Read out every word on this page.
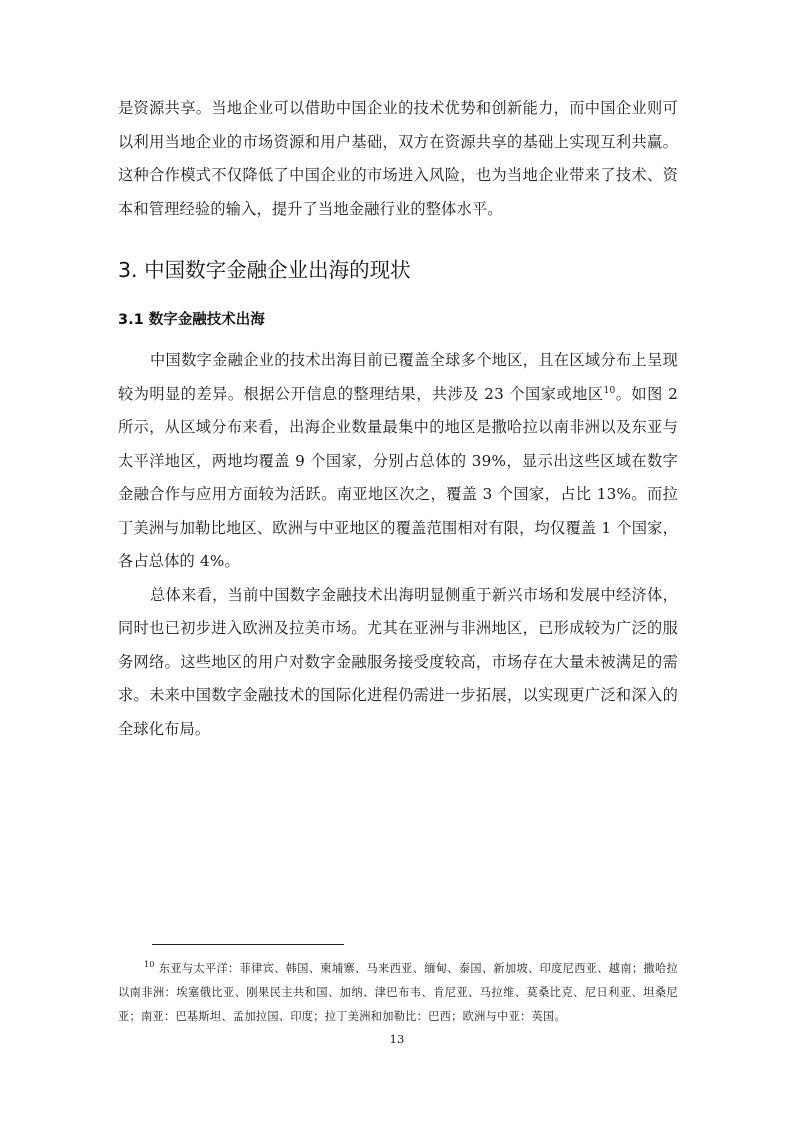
是资源共享。当地企业可以借助中国企业的技术优势和创新能力，而中国企业则可以利用当地企业的市场资源和用户基础，双方在资源共享的基础上实现互利共赢。这种合作模式不仅降低了中国企业的市场进入风险，也为当地企业带来了技术、资本和管理经验的输入，提升了当地金融行业的整体水平。

3. 中国数字金融企业出海的现状
3.1 数字金融技术出海

中国数字金融企业的技术出海目前已覆盖全球多个地区，且在区域分布上呈现较为明显的差异。根据公开信息的整理结果，共涉及 23 个国家或地区$^{10}$。如图 2 所示，从区域分布来看，出海企业数量最集中的地区是撒哈拉以南非洲以及东亚与太平洋地区，两地均覆盖 9 个国家，分别占总体的 39%，显示出这些区域在数字金融合作与应用方面较为活跃。南亚地区次之，覆盖 3 个国家，占比 13%。而拉丁美洲与加勒比地区、欧洲与中亚地区的覆盖范围相对有限，均仅覆盖 1 个国家，各占总体的 4%。

总体来看，当前中国数字金融技术出海明显侧重于新兴市场和发展中经济体，同时也已初步进入欧洲及拉美市场。尤其在亚洲与非洲地区，已形成较为广泛的服务网络。这些地区的用户对数字金融服务接受度较高，市场存在大量未被满足的需求。未来中国数字金融技术的国际化进程仍需进一步拓展，以实现更广泛和深入的全球化布局。

$^{10}$ 东亚与太平洋：菲律宾、韩国、柬埔寨、马来西亚、缅甸、泰国、新加坡、印度尼西亚、越南；撒哈拉以南非洲：埃塞俄比亚、刚果民主共和国、加纳、津巴布韦、肯尼亚、马拉维、莫桑比克、尼日利亚、坦桑尼亚；南亚：巴基斯坦、孟加拉国、印度；拉丁美洲和加勒比：巴西；欧洲与中亚：英国。
13
